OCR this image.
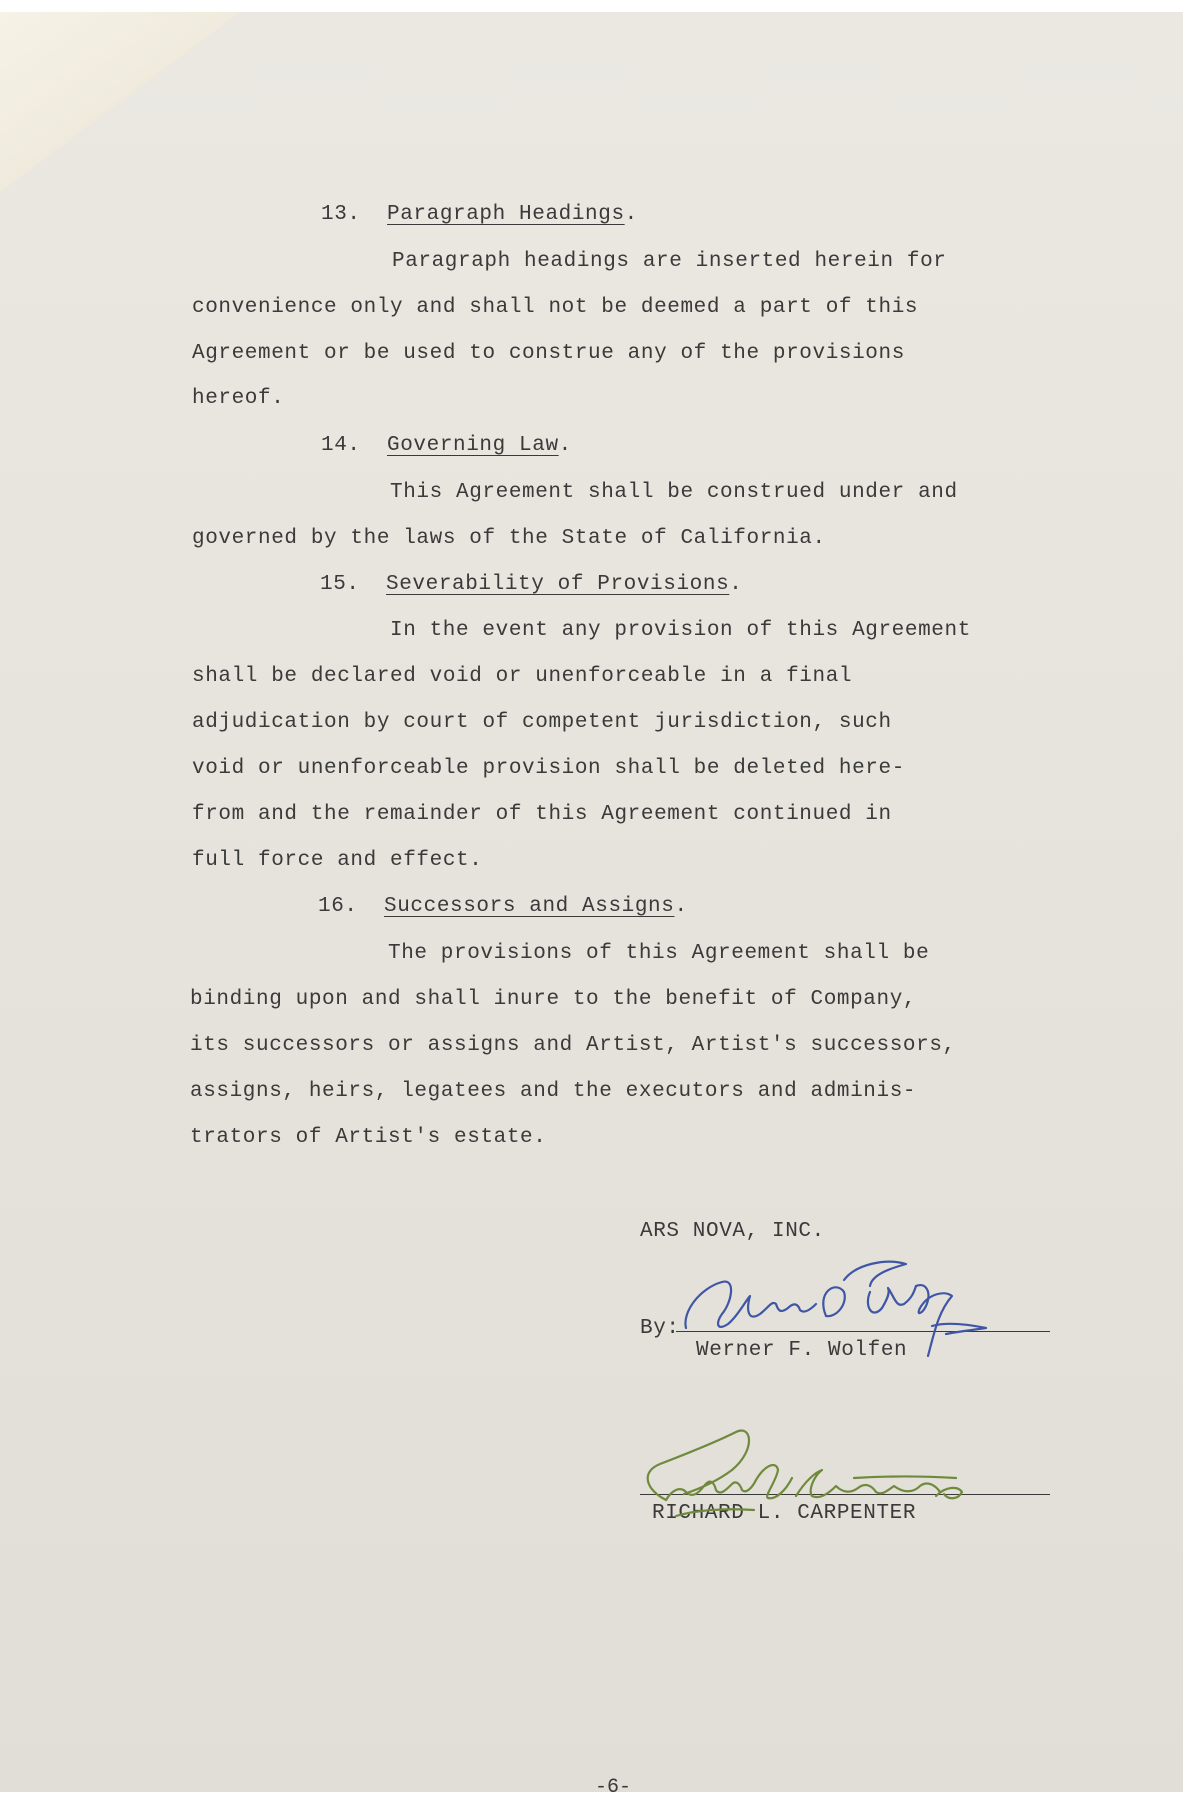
13. Paragraph Headings.
Paragraph headings are inserted herein for
convenience only and shall not be deemed a part of this
Agreement or be used to construe any of the provisions
hereof.
14. Governing Law.
This Agreement shall be construed under and
governed by the laws of the State of California.
15. Severability of Provisions.
In the event any provision of this Agreement
shall be declared void or unenforceable in a final
adjudication by court of competent jurisdiction, such
void or unenforceable provision shall be deleted here-
from and the remainder of this Agreement continued in
full force and effect.
16. Successors and Assigns.
The provisions of this Agreement shall be
binding upon and shall inure to the benefit of Company,
its successors or assigns and Artist, Artist's successors,
assigns, heirs, legatees and the executors and adminis-
trators of Artist's estate.
ARS NOVA, INC.
By:
Werner F. Wolfen
RICHARD L. CARPENTER
-6-
